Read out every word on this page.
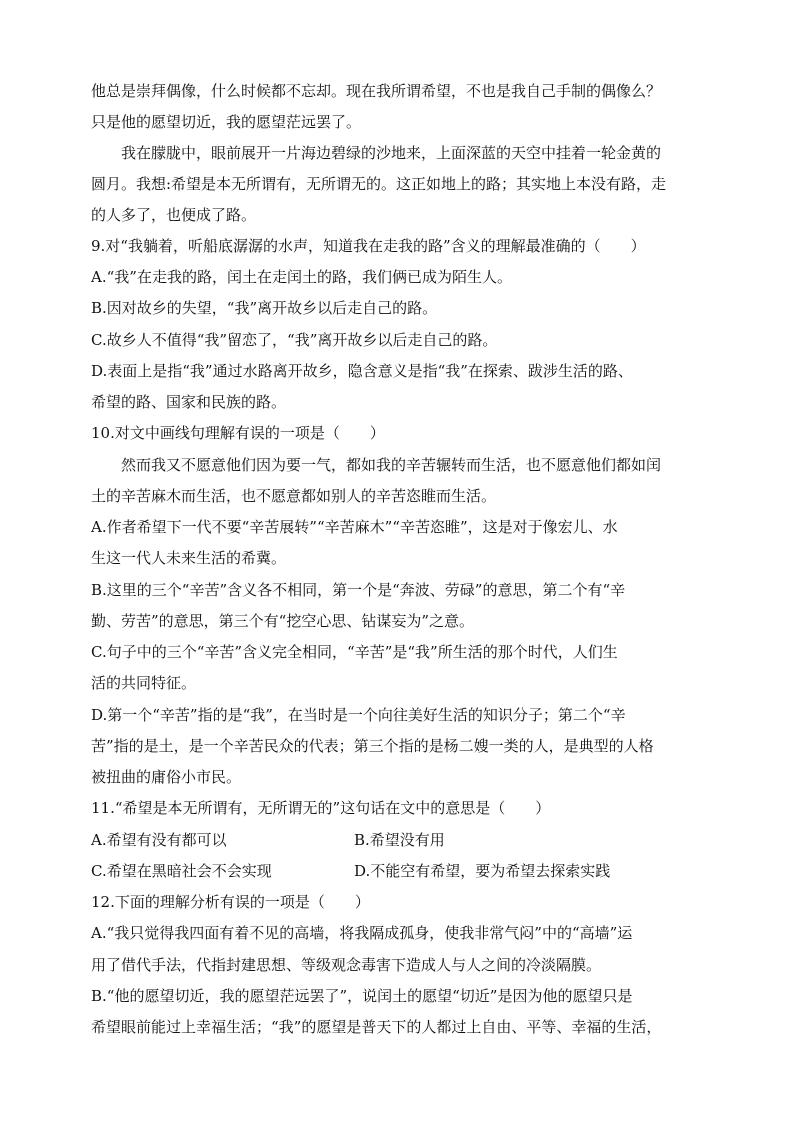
他总是崇拜偶像，什么时候都不忘却。现在我所谓希望，不也是我自己手制的偶像么？
只是他的愿望切近，我的愿望茫远罢了。
我在朦胧中，眼前展开一片海边碧绿的沙地来，上面深蓝的天空中挂着一轮金黄的
圆月。我想:希望是本无所谓有，无所谓无的。这正如地上的路；其实地上本没有路，走
的人多了，也便成了路。
9.对“我躺着，听船底潺潺的水声，知道我在走我的路”含义的理解最准确的（　　）
A.“我”在走我的路，闰土在走闰土的路，我们俩已成为陌生人。
B.因对故乡的失望，“我”离开故乡以后走自己的路。
C.故乡人不值得“我”留恋了，“我”离开故乡以后走自己的路。
D.表面上是指“我”通过水路离开故乡，隐含意义是指“我”在探索、跋涉生活的路、
希望的路、国家和民族的路。
10.对文中画线句理解有误的一项是（　　）
然而我又不愿意他们因为要一气，都如我的辛苦辗转而生活，也不愿意他们都如闰
土的辛苦麻木而生活，也不愿意都如别人的辛苦恣睢而生活。
A.作者希望下一代不要“辛苦展转”“辛苦麻木”“辛苦恣睢”，这是对于像宏儿、水
生这一代人未来生活的希冀。
B.这里的三个“辛苦”含义各不相同，第一个是“奔波、劳碌”的意思，第二个有“辛
勤、劳苦”的意思，第三个有“挖空心思、钻谋妄为”之意。
C.句子中的三个“辛苦”含义完全相同，“辛苦”是“我”所生活的那个时代，人们生
活的共同特征。
D.第一个“辛苦”指的是“我”，在当时是一个向往美好生活的知识分子；第二个“辛
苦”指的是土，是一个辛苦民众的代表；第三个指的是杨二嫂一类的人，是典型的人格
被扭曲的庸俗小市民。
11.“希望是本无所谓有，无所谓无的”这句话在文中的意思是（　　）
A.希望有没有都可以	B.希望没有用
C.希望在黑暗社会不会实现	D.不能空有希望，要为希望去探索实践
12.下面的理解分析有误的一项是（　　）
A.“我只觉得我四面有着不见的高墙，将我隔成孤身，使我非常气闷”中的“高墙”运
用了借代手法，代指封建思想、等级观念毒害下造成人与人之间的冷淡隔膜。
B.“他的愿望切近，我的愿望茫远罢了”，说闰土的愿望“切近”是因为他的愿望只是
希望眼前能过上幸福生活；“我”的愿望是普天下的人都过上自由、平等、幸福的生活，
